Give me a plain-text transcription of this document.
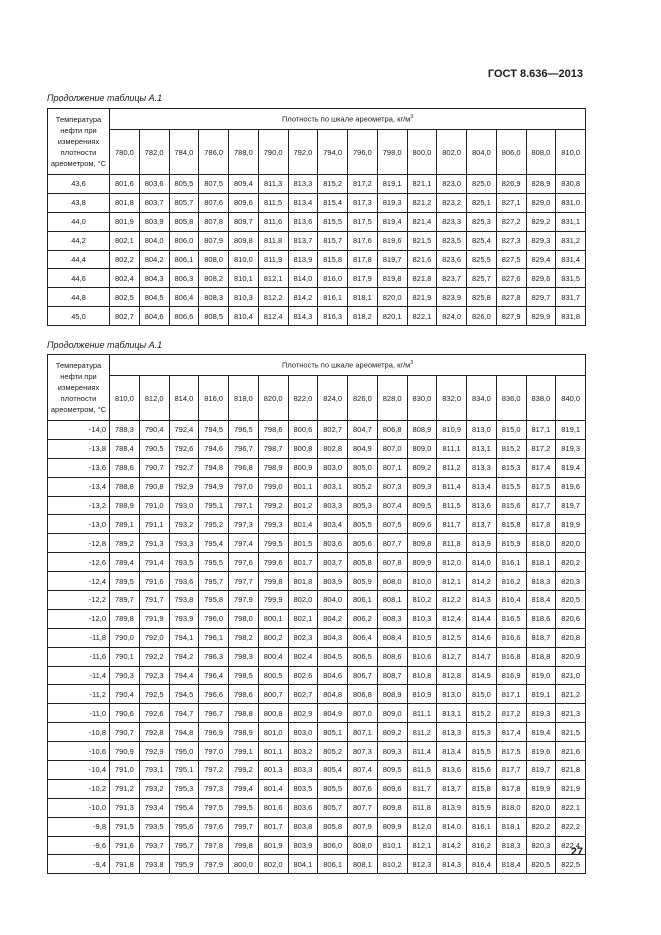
ГОСТ 8.636—2013
Продолжение таблицы А.1
Температура нефти при измерениях плотности ареометром, °С	Плотность по шкале ареометра, $кг/м^3$
	780,0	782,0	784,0	786,0	788,0	790,0	792,0	794,0	796,0	798,0	800,0	802,0	804,0	806,0	808,0	810,0
43,6	801,6	803,6	805,5	807,5	809,4	811,3	813,3	815,2	817,2	819,1	821,1	823,0	825,0	826,9	828,9	830,8
43,8	801,8	803,7	805,7	807,6	809,6	811,5	813,4	815,4	817,3	819,3	821,2	823,2	825,1	827,1	829,0	831,0
44,0	801,9	803,9	805,8	807,8	809,7	811,6	813,6	815,5	817,5	819,4	821,4	823,3	825,3	827,2	829,2	831,1
44,2	802,1	804,0	806,0	807,9	809,8	811,8	813,7	815,7	817,6	819,6	821,5	823,5	825,4	827,3	829,3	831,2
44,4	802,2	804,2	806,1	808,0	810,0	811,9	813,9	815,8	817,8	819,7	821,6	823,6	825,5	827,5	829,4	831,4
44,6	802,4	804,3	806,3	808,2	810,1	812,1	814,0	816,0	817,9	819,8	821,8	823,7	825,7	827,6	829,6	831,5
44,8	802,5	804,5	806,4	808,3	810,3	812,2	814,2	816,1	818,1	820,0	821,9	823,9	825,8	827,8	829,7	831,7
45,0	802,7	804,6	806,6	808,5	810,4	812,4	814,3	816,3	818,2	820,1	822,1	824,0	826,0	827,9	829,9	831,8
Продолжение таблицы А.1
Температура нефти при измерениях плотности ареометром, °С	Плотность по шкале ареометра, $кг/м^3$
	810,0	812,0	814,0	816,0	818,0	820,0	822,0	824,0	826,0	828,0	830,0	832,0	834,0	836,0	838,0	840,0
-14,0	788,3	790,4	792,4	794,5	796,5	798,6	800,6	802,7	804,7	806,8	808,9	810,9	813,0	815,0	817,1	819,1
-13,8	788,4	790,5	792,6	794,6	796,7	798,7	800,8	802,8	804,9	807,0	809,0	811,1	813,1	815,2	817,2	819,3
-13,6	788,6	790,7	792,7	794,8	796,8	798,9	800,9	803,0	805,0	807,1	809,2	811,2	813,3	815,3	817,4	819,4
-13,4	788,8	790,8	792,9	794,9	797,0	799,0	801,1	803,1	805,2	807,3	809,3	811,4	813,4	815,5	817,5	819,6
-13,2	788,9	791,0	793,0	795,1	797,1	799,2	801,2	803,3	805,3	807,4	809,5	811,5	813,6	815,6	817,7	819,7
-13,0	789,1	791,1	793,2	795,2	797,3	799,3	801,4	803,4	805,5	807,5	809,6	811,7	813,7	815,8	817,8	819,9
-12,8	789,2	791,3	793,3	795,4	797,4	799,5	801,5	803,6	805,6	807,7	809,8	811,8	813,9	815,9	818,0	820,0
-12,6	789,4	791,4	793,5	795,5	797,6	799,6	801,7	803,7	805,8	807,8	809,9	812,0	814,0	816,1	818,1	820,2
-12,4	789,5	791,6	793,6	795,7	797,7	799,8	801,8	803,9	805,9	808,0	810,0	812,1	814,2	816,2	818,3	820,3
-12,2	789,7	791,7	793,8	795,8	797,9	799,9	802,0	804,0	806,1	808,1	810,2	812,2	814,3	816,4	818,4	820,5
-12,0	789,8	791,9	793,9	796,0	798,0	800,1	802,1	804,2	806,2	808,3	810,3	812,4	814,4	816,5	818,6	820,6
-11,8	790,0	792,0	794,1	796,1	798,2	800,2	802,3	804,3	806,4	808,4	810,5	812,5	814,6	816,6	818,7	820,8
-11,6	790,1	792,2	794,2	796,3	798,3	800,4	802,4	804,5	806,5	808,6	810,6	812,7	814,7	816,8	818,8	820,9
-11,4	790,3	792,3	794,4	796,4	798,5	800,5	802,6	804,6	806,7	808,7	810,8	812,8	814,9	816,9	819,0	821,0
-11,2	790,4	792,5	794,5	796,6	798,6	800,7	802,7	804,8	806,8	808,9	810,9	813,0	815,0	817,1	819,1	821,2
-11,0	790,6	792,6	794,7	796,7	798,8	800,8	802,9	804,9	807,0	809,0	811,1	813,1	815,2	817,2	819,3	821,3
-10,8	790,7	792,8	794,8	796,9	798,9	801,0	803,0	805,1	807,1	809,2	811,2	813,3	815,3	817,4	819,4	821,5
-10,6	790,9	792,9	795,0	797,0	799,1	801,1	803,2	805,2	807,3	809,3	811,4	813,4	815,5	817,5	819,6	821,6
-10,4	791,0	793,1	795,1	797,2	799,2	801,3	803,3	805,4	807,4	809,5	811,5	813,6	815,6	817,7	819,7	821,8
-10,2	791,2	793,2	795,3	797,3	799,4	801,4	803,5	805,5	807,6	809,6	811,7	813,7	815,8	817,8	819,9	821,9
-10,0	791,3	793,4	795,4	797,5	799,5	801,6	803,6	805,7	807,7	809,8	811,8	813,9	815,9	818,0	820,0	822,1
-9,8	791,5	793,5	795,6	797,6	799,7	801,7	803,8	805,8	807,9	809,9	812,0	814,0	816,1	818,1	820,2	822,2
-9,6	791,6	793,7	795,7	797,8	799,8	801,9	803,9	806,0	808,0	810,1	812,1	814,2	816,2	818,3	820,3	822,4
-9,4	791,8	793,8	795,9	797,9	800,0	802,0	804,1	806,1	808,1	810,2	812,3	814,3	816,4	818,4	820,5	822,5
27
